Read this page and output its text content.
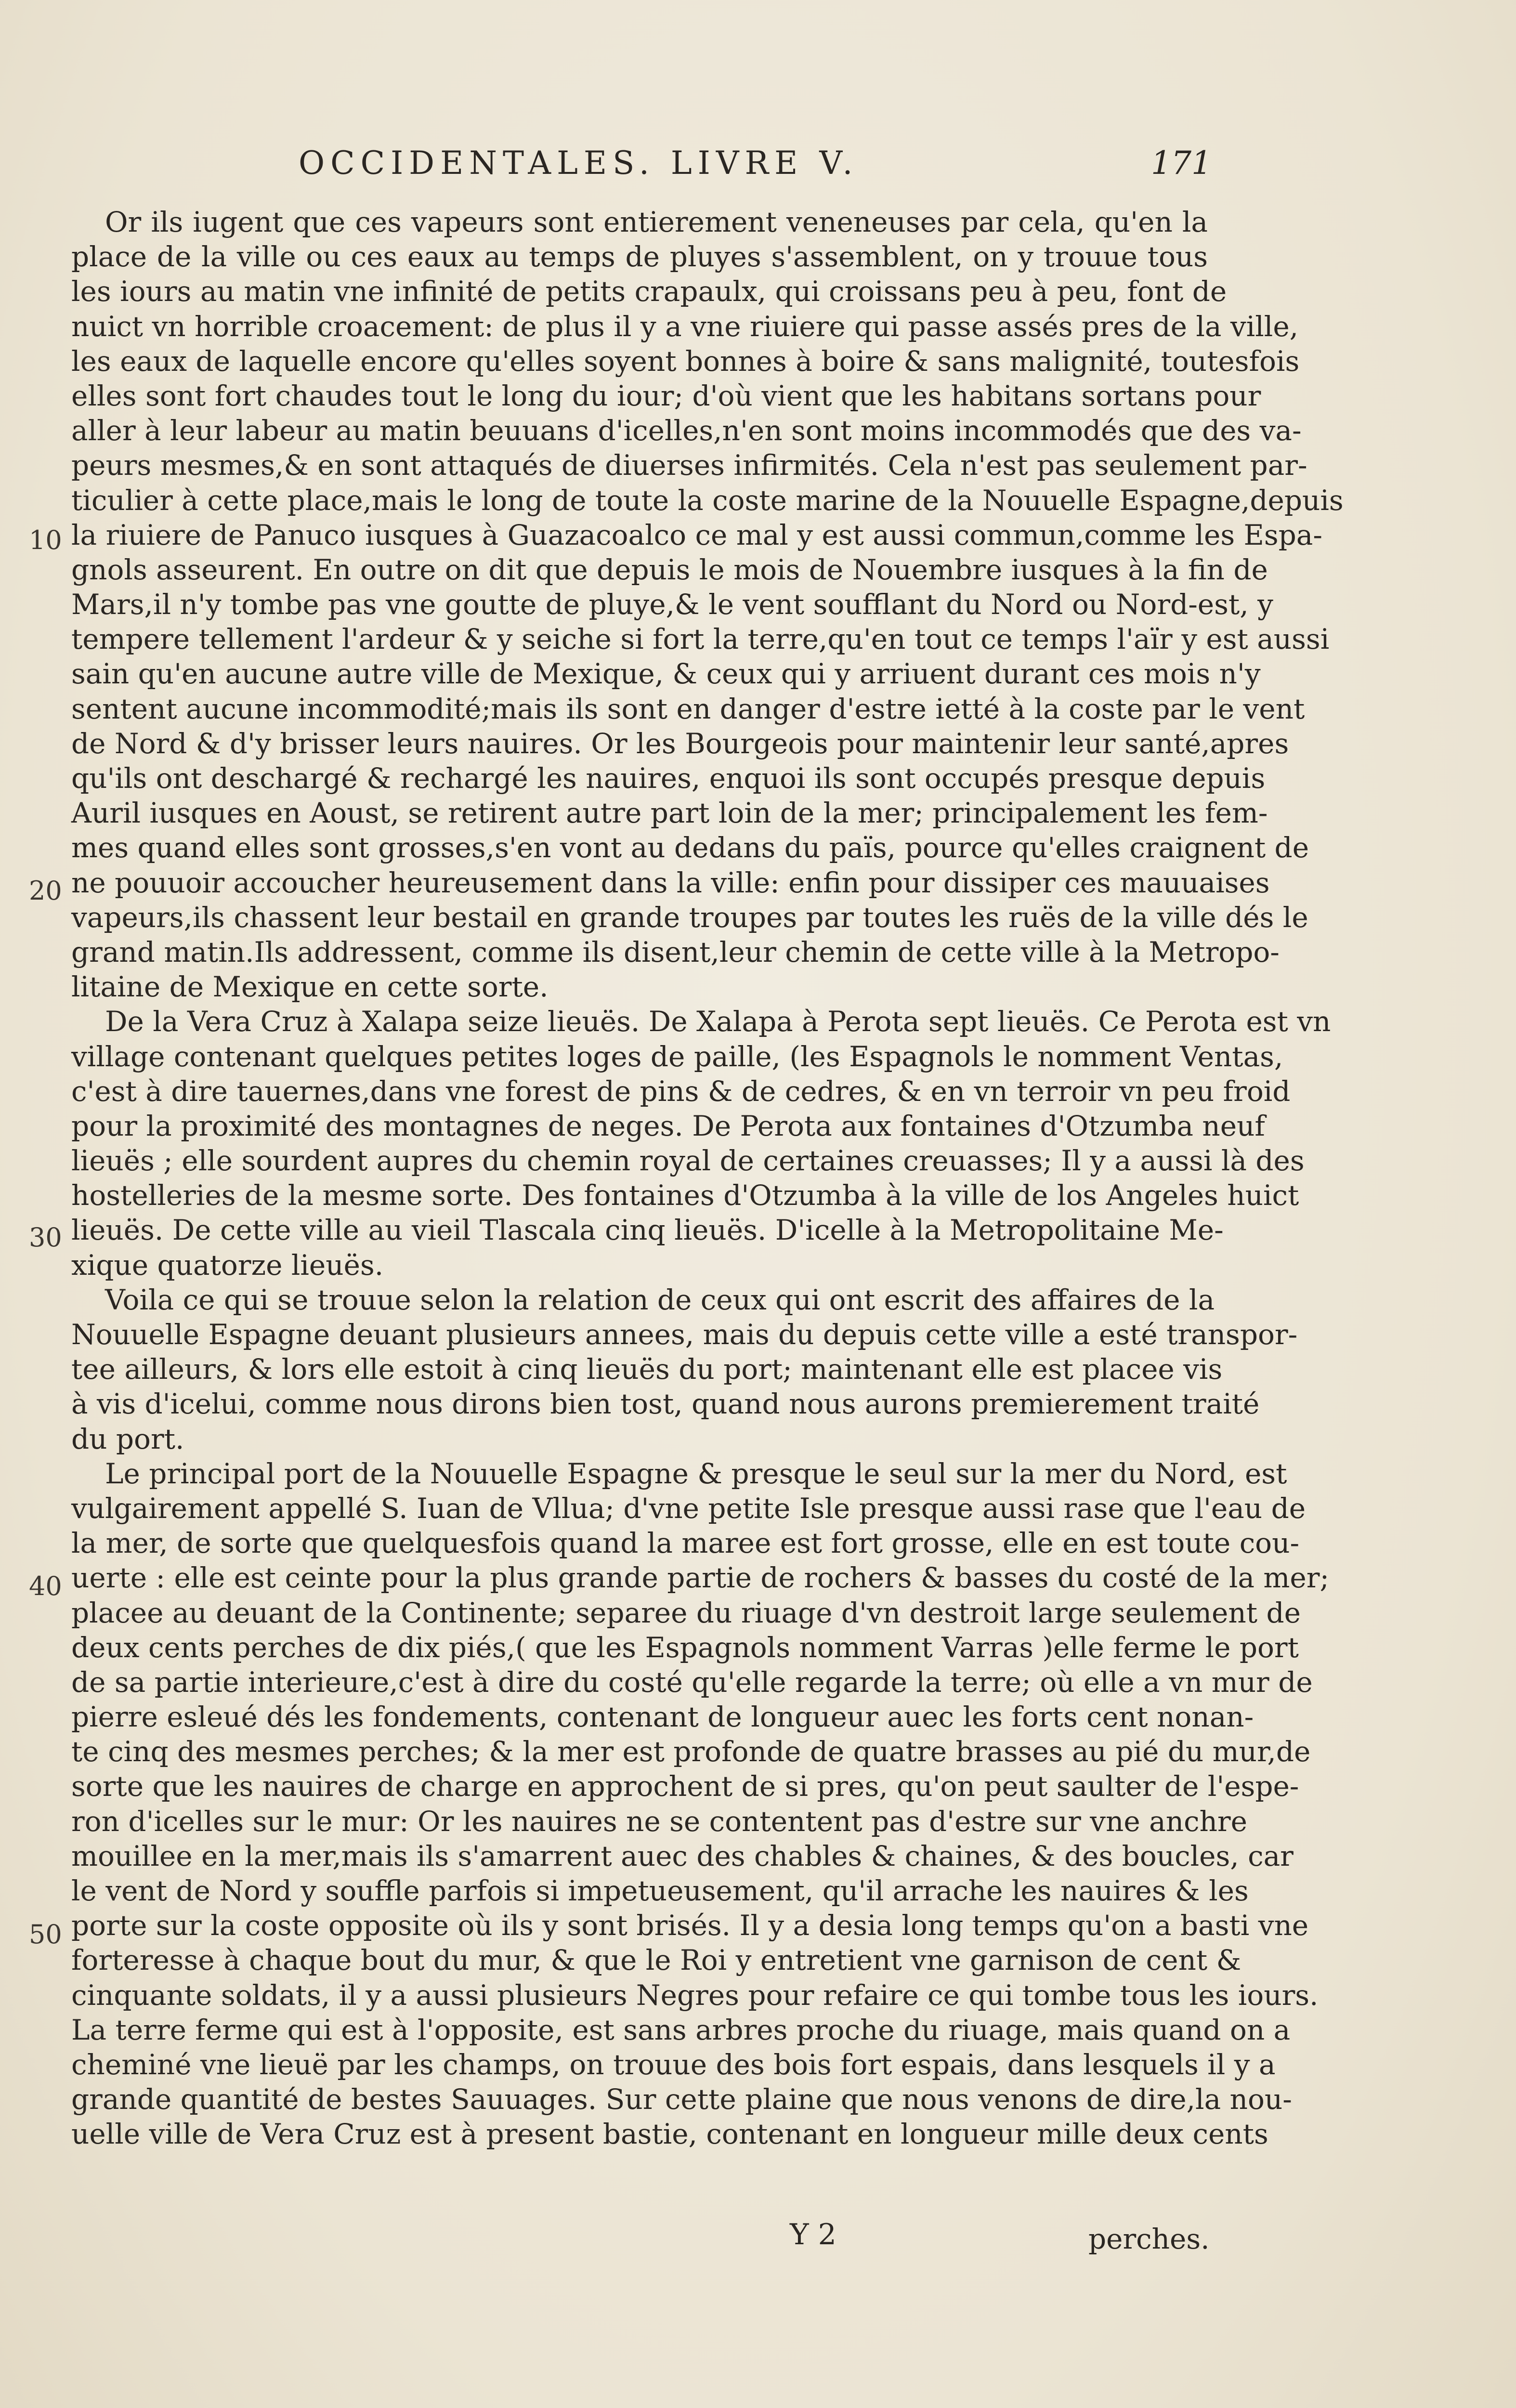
OCCIDENTALES. LIVRE V.	171
10
20
30
40
50
Or ils iugent que ces vapeurs sont entierement veneneuses par cela, qu'en la
place de la ville ou ces eaux au temps de pluyes s'assemblent, on y trouue tous
les iours au matin vne infinité de petits crapaulx, qui croissans peu à peu, font de
nuict vn horrible croacement: de plus il y a vne riuiere qui passe assés pres de la ville,
les eaux de laquelle encore qu'elles soyent bonnes à boire & sans malignité, toutesfois
elles sont fort chaudes tout le long du iour; d'où vient que les habitans sortans pour
aller à leur labeur au matin beuuans d'icelles,n'en sont moins incommodés que des va-
peurs mesmes,& en sont attaqués de diuerses infirmités. Cela n'est pas seulement par-
ticulier à cette place,mais le long de toute la coste marine de la Nouuelle Espagne,depuis
la riuiere de Panuco iusques à Guazacoalco ce mal y est aussi commun,comme les Espa-
gnols asseurent. En outre on dit que depuis le mois de Nouembre iusques à la fin de
Mars,il n'y tombe pas vne goutte de pluye,& le vent soufflant du Nord ou Nord-est, y
tempere tellement l'ardeur & y seiche si fort la terre,qu'en tout ce temps l'aïr y est aussi
sain qu'en aucune autre ville de Mexique, & ceux qui y arriuent durant ces mois n'y
sentent aucune incommodité;mais ils sont en danger d'estre ietté à la coste par le vent
de Nord & d'y brisser leurs nauires. Or les Bourgeois pour maintenir leur santé,apres
qu'ils ont deschargé & rechargé les nauires, enquoi ils sont occupés presque depuis
Auril iusques en Aoust, se retirent autre part loin de la mer; principalement les fem-
mes quand elles sont grosses,s'en vont au dedans du païs, pource qu'elles craignent de
ne pouuoir accoucher heureusement dans la ville: enfin pour dissiper ces mauuaises
vapeurs,ils chassent leur bestail en grande troupes par toutes les ruës de la ville dés le
grand matin.Ils addressent, comme ils disent,leur chemin de cette ville à la Metropo-
litaine de Mexique en cette sorte.
De la Vera Cruz à Xalapa seize lieuës. De Xalapa à Perota sept lieuës. Ce Perota est vn
village contenant quelques petites loges de paille, (les Espagnols le nomment Ventas,
c'est à dire tauernes,dans vne forest de pins & de cedres, & en vn terroir vn peu froid
pour la proximité des montagnes de neges. De Perota aux fontaines d'Otzumba neuf
lieuës ; elle sourdent aupres du chemin royal de certaines creuasses; Il y a aussi là des
hostelleries de la mesme sorte. Des fontaines d'Otzumba à la ville de los Angeles huict
lieuës. De cette ville au vieil Tlascala cinq lieuës. D'icelle à la Metropolitaine Me-
xique quatorze lieuës.
Voila ce qui se trouue selon la relation de ceux qui ont escrit des affaires de la
Nouuelle Espagne deuant plusieurs annees, mais du depuis cette ville a esté transpor-
tee ailleurs, & lors elle estoit à cinq lieuës du port; maintenant elle est placee vis
à vis d'icelui, comme nous dirons bien tost, quand nous aurons premierement traité
du port.
Le principal port de la Nouuelle Espagne & presque le seul sur la mer du Nord, est
vulgairement appellé S. Iuan de Vllua; d'vne petite Isle presque aussi rase que l'eau de
la mer, de sorte que quelquesfois quand la maree est fort grosse, elle en est toute cou-
uerte : elle est ceinte pour la plus grande partie de rochers & basses du costé de la mer;
placee au deuant de la Continente; separee du riuage d'vn destroit large seulement de
deux cents perches de dix piés,( que les Espagnols nomment Varras )elle ferme le port
de sa partie interieure,c'est à dire du costé qu'elle regarde la terre; où elle a vn mur de
pierre esleué dés les fondements, contenant de longueur auec les forts cent nonan-
te cinq des mesmes perches; & la mer est profonde de quatre brasses au pié du mur,de
sorte que les nauires de charge en approchent de si pres, qu'on peut saulter de l'espe-
ron d'icelles sur le mur: Or les nauires ne se contentent pas d'estre sur vne anchre
mouillee en la mer,mais ils s'amarrent auec des chables & chaines, & des boucles, car
le vent de Nord y souffle parfois si impetueusement, qu'il arrache les nauires & les
porte sur la coste opposite où ils y sont brisés. Il y a desia long temps qu'on a basti vne
forteresse à chaque bout du mur, & que le Roi y entretient vne garnison de cent &
cinquante soldats, il y a aussi plusieurs Negres pour refaire ce qui tombe tous les iours.
La terre ferme qui est à l'opposite, est sans arbres proche du riuage, mais quand on a
cheminé vne lieuë par les champs, on trouue des bois fort espais, dans lesquels il y a
grande quantité de bestes Sauuages. Sur cette plaine que nous venons de dire,la nou-
uelle ville de Vera Cruz est à present bastie, contenant en longueur mille deux cents
Y 2	perches.
